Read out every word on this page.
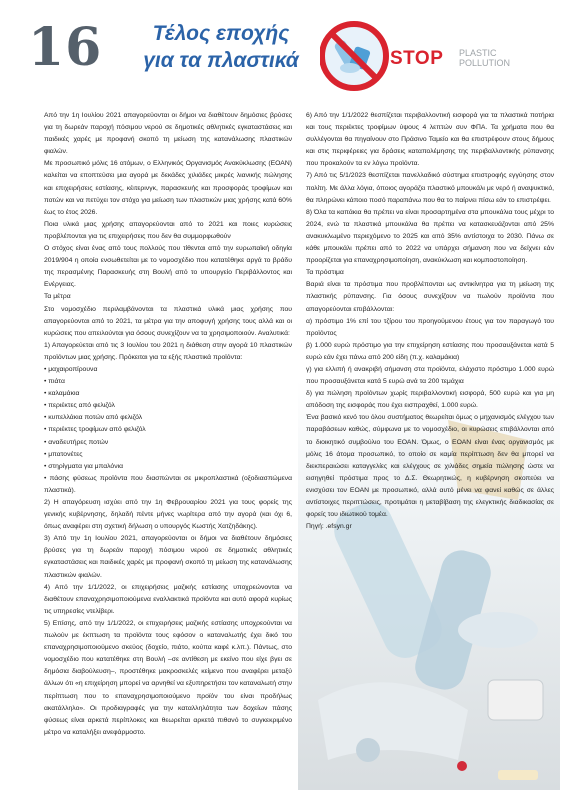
16	Τέλος εποχής
για τα πλαστικά	STOP PLASTIC
POLLUTION

Από την 1η Ιουλίου 2021 απαγορεύονται οι δήμοι να διαθέτουν δημόσιες βρύσες για τη δωρεάν παροχή πόσιμου νερού σε δημοτικές αθλητικές εγκαταστάσεις και παιδικές χαρές με προφανή σκοπό τη μείωση της κατανάλωσης πλαστικών φιαλών.

Με προσωπικό μόλις 16 ατόμων, ο Ελληνικός Οργανισμός Ανακύκλωσης (ΕΟΑΝ) καλείται να εποπτεύσει μια αγορά με δεκάδες χιλιάδες μικρές λιανικής πώλησης και επιχειρήσεις εστίασης, κέιτερινγκ, παρασκευής και προσφοράς τροφίμων και ποτών και να πετύχει τον στόχο για μείωση των πλαστικών μιας χρήσης κατά 60% έως το έτος 2026.

Ποια υλικά μιας χρήσης απαγορεύονται από το 2021 και ποιες κυρώσεις προβλέπονται για τις επιχειρήσεις που δεν θα συμμορφωθούν

Ο στόχος είναι ένας από τους πολλούς που τίθενται από την ευρωπαϊκή οδηγία 2019/904 η οποία ενσωθετείται με το νομοσχέδιο που κατατέθηκε αργά το βράδυ της περασμένης Παρασκευής στη Βουλή από το υπουργείο Περιβάλλοντος και Ενέργειας.

Τα μέτρα

Στο νομοσχέδιο περιλαμβάνονται τα πλαστικά υλικά μιας χρήσης που απαγορεύονται από το 2021, τα μέτρα για την αποφυγή χρήσης τους αλλά και οι κυρώσεις που απειλούνται για όσους συνεχίζουν να τα χρησιμοποιούν. Αναλυτικά:

1) Απαγορεύεται από τις 3 Ιουλίου του 2021 η διάθεση στην αγορά 10 πλαστικών προϊόντων μιας χρήσης. Πρόκειται για τα εξής πλαστικά προϊόντα:

• μαχαιροπίρουνα

• πιάτα

• καλαμάκια

• περιέκτες από φελιζόλ

• κυπελλάκια ποτών από φελιζόλ

• περιέκτες τροφίμων από φελιζόλ

• αναδευτήρες ποτών

• μπατονέτες

• στηρίγματα για μπαλόνια

• πάσης φύσεως προϊόντα που διασπώνται σε μικροπλαστικά (οξοδιασπώμενα πλαστικά).

2) Η απαγόρευση ισχύει από την 1η Φεβρουαρίου 2021 για τους φορείς της γενικής κυβέρνησης, δηλαδή πέντε μήνες νωρίτερα από την αγορά (και όχι 6, όπως αναφέρει στη σχετική δήλωση ο υπουργός Κωστής Χατζηδάκης).

3) Από την 1η Ιουλίου 2021, απαγορεύονται οι δήμοι να διαθέτουν δημόσιες βρύσες για τη δωρεάν παροχή πόσιμου νερού σε δημοτικές αθλητικές εγκαταστάσεις και παιδικές χαρές με προφανή σκοπό τη μείωση της κατανάλωσης πλαστικών φιαλών.

4) Από την 1/1/2022, οι επιχειρήσεις μαζικής εστίασης υποχρεώνονται να διαθέτουν επαναχρησιμοποιούμενα εναλλακτικά προϊόντα και αυτό αφορά κυρίως τις υπηρεσίες ντελίβερι.

5) Επίσης, από την 1/1/2022, οι επιχειρήσεις μαζικής εστίασης υποχρεούνται να πωλούν με έκπτωση τα προϊόντα τους εφόσον ο καταναλωτής έχει δικό του επαναχρησιμοποιούμενο σκεύος (δοχείο, πιάτο, κούπα καφέ κ.λπ.). Πάντως, στο νομοσχέδιο που κατατέθηκε στη Βουλή –σε αντίθεση με εκείνο που είχε βγει σε δημόσια διαβούλευση–, προστέθηκε μακροσκελές κείμενο που αναφέρει μεταξύ άλλων ότι «η επιχείρηση μπορεί να αρνηθεί να εξυπηρετήσει τον καταναλωτή στην περίπτωση που το επαναχρησιμοποιούμενο προϊόν του είναι προδήλως ακατάλληλο». Οι προδιαγραφές για την καταλληλότητα των δοχείων πάσης φύσεως είναι αρκετά περίπλοκες και θεωρείται αρκετά πιθανό το συγκεκριμένο μέτρο να καταλήξει ανεφάρμοστο.

6) Από την 1/1/2022 θεσπίζεται περιβαλλοντική εισφορά για τα πλαστικά ποτήρια και τους περιέκτες τροφίμων ύψους 4 λεπτών συν ΦΠΑ. Τα χρήματα που θα συλλέγονται θα πηγαίνουν στο Πράσινο Ταμείο και θα επιστρέφουν στους δήμους και στις περιφέρειες για δράσεις καταπολέμησης της περιβαλλοντικής ρύπανσης που προκαλούν τα εν λόγω προϊόντα.

7) Από τις 5/1/2023 θεσπίζεται πανελλαδικό σύστημα επιστροφής εγγύησης στον πολίτη. Με άλλα λόγια, όποιος αγοράζει πλαστικό μπουκάλι με νερό ή αναψυκτικό, θα πληρώνει κάποιο ποσό παραπάνω που θα το παίρνει πίσω εάν το επιστρέψει.

8) Όλα τα καπάκια θα πρέπει να είναι προσαρτημένα στα μπουκάλια τους μέχρι το 2024, ενώ τα πλαστικά μπουκάλια θα πρέπει να κατασκευάζονται από 25% ανακυκλωμένο περιεχόμενο το 2025 και από 35% αντίστοιχα το 2030. Πάνω σε κάθε μπουκάλι πρέπει από το 2022 να υπάρχει σήμανση που να δείχνει εάν προορίζεται για επαναχρησιμοποίηση, ανακύκλωση και κομποστοποίηση.

Τα πρόστιμα

Βαριά είναι τα πρόστιμα που προβλέπονται ως αντικίνητρα για τη μείωση της πλαστικής ρύπανσης. Για όσους συνεχίζουν να πωλούν προϊόντα που απαγορεύονται επιβάλλονται:

α) πρόστιμο 1% επί του τζίρου του προηγούμενου έτους για τον παραγωγό του προϊόντος

β) 1.000 ευρώ πρόστιμο για την επιχείρηση εστίασης που προσαυξάνεται κατά 5 ευρώ εάν έχει πάνω από 200 είδη (π.χ. καλαμάκια)

γ) για ελλιπή ή ανακριβή σήμανση στα προϊόντα, ελάχιστο πρόστιμο 1.000 ευρώ που προσαυξάνεται κατά 5 ευρώ ανά τα 200 τεμάχια

δ) για πώληση προϊόντων χωρίς περιβαλλοντική εισφορά, 500 ευρώ και για μη απόδοση της εισφοράς που έχει εισπραχθεί, 1.000 ευρώ.

Ένα βασικό κενό του όλου συστήματος θεωρείται όμως ο μηχανισμός ελέγχου των παραβάσεων καθώς, σύμφωνα με το νομοσχέδιο, οι κυρώσεις επιβάλλονται από το διοικητικό συμβούλιο του ΕΟΑΝ. Όμως, ο ΕΟΑΝ είναι ένας οργανισμός με μόλις 16 άτομα προσωπικό, το οποίο σε καμία περίπτωση δεν θα μπορεί να διεκπεραιώσει καταγγελίες και ελέγχους σε χιλιάδες σημεία πώλησης ώστε να εισηγηθεί πρόστιμα προς το Δ.Σ. Θεωρητικώς, η κυβέρνηση σκοπεύει να ενισχύσει τον ΕΟΑΝ με προσωπικό, αλλά αυτό μένει να φανεί καθώς σε άλλες αντίστοιχες περιπτώσεις, προτιμάται η μεταβίβαση της ελεγκτικής διαδικασίας σε φορείς του ιδιωτικού τομέα.

Πηγή: .efsyn.gr
